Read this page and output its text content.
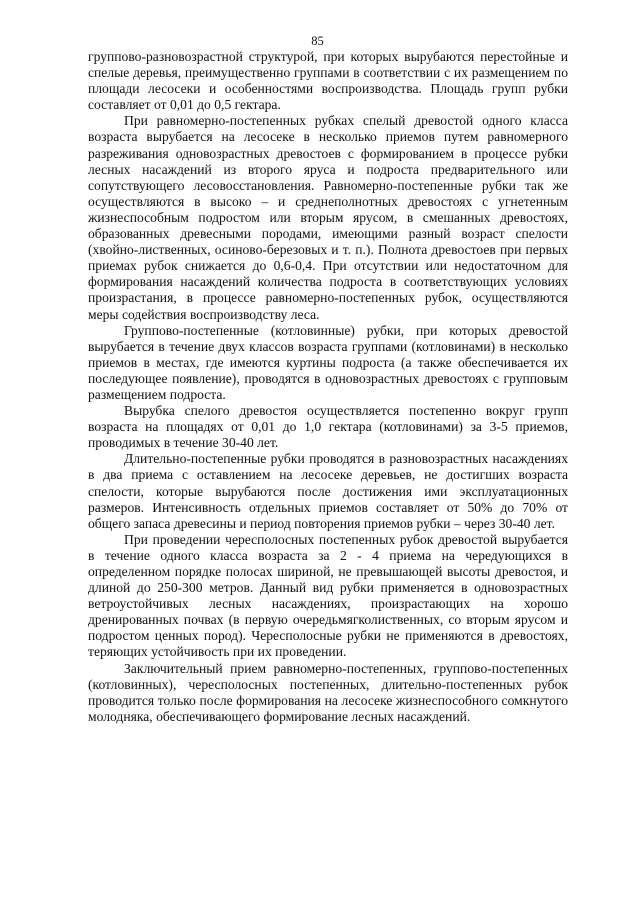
85

группово-разновозрастной структурой, при которых вырубаются перестойные и спелые деревья, преимущественно группами в соответствии с их размещением по площади лесосеки и особенностями воспроизводства. Площадь групп рубки составляет от 0,01 до 0,5 гектара.

При равномерно-постепенных рубках спелый древостой одного класса возраста вырубается на лесосеке в несколько приемов путем равномерного разреживания одновозрастных древостоев с формированием в процессе рубки лесных насаждений из второго яруса и подроста предварительного или сопутствующего лесовосстановления. Равномерно-постепенные рубки так же осуществляются в высоко – и среднеполнотных древостоях с угнетенным жизнеспособным подростом или вторым ярусом, в смешанных древостоях, образованных древесными породами, имеющими разный возраст спелости (хвойно-лиственных, осиново-березовых и т. п.). Полнота древостоев при первых приемах рубок снижается до 0,6-0,4. При отсутствии или недостаточном для формирования насаждений количества подроста в соответствующих условиях произрастания, в процессе равномерно-постепенных рубок, осуществляются меры содействия воспроизводству леса.

Группово-постепенные (котловинные) рубки, при которых древостой вырубается в течение двух классов возраста группами (котловинами) в несколько приемов в местах, где имеются куртины подроста (а также обеспечивается их последующее появление), проводятся в одновозрастных древостоях с групповым размещением подроста.

Вырубка спелого древостоя осуществляется постепенно вокруг групп возраста на площадях от 0,01 до 1,0 гектара (котловинами) за 3-5 приемов, проводимых в течение 30-40 лет.

Длительно-постепенные рубки проводятся в разновозрастных насаждениях в два приема с оставлением на лесосеке деревьев, не достигших возраста спелости, которые вырубаются после достижения ими эксплуатационных размеров. Интенсивность отдельных приемов составляет от 50% до 70% от общего запаса древесины и период повторения приемов рубки – через 30-40 лет.

При проведении чересполосных постепенных рубок древостой вырубается в течение одного класса возраста за 2 - 4 приема на чередующихся в определенном порядке полосах шириной, не превышающей высоты древостоя, и длиной до 250-300 метров. Данный вид рубки применяется в одновозрастных ветроустойчивых лесных насаждениях, произрастающих на хорошо дренированных почвах (в первую очередьмягколиственных, со вторым ярусом и подростом ценных пород). Чересполосные рубки не применяются в древостоях, теряющих устойчивость при их проведении.

Заключительный прием равномерно-постепенных, группово-постепенных (котловинных), чересполосных постепенных, длительно-постепенных рубок проводится только после формирования на лесосеке жизнеспособного сомкнутого молодняка, обеспечивающего формирование лесных насаждений.
